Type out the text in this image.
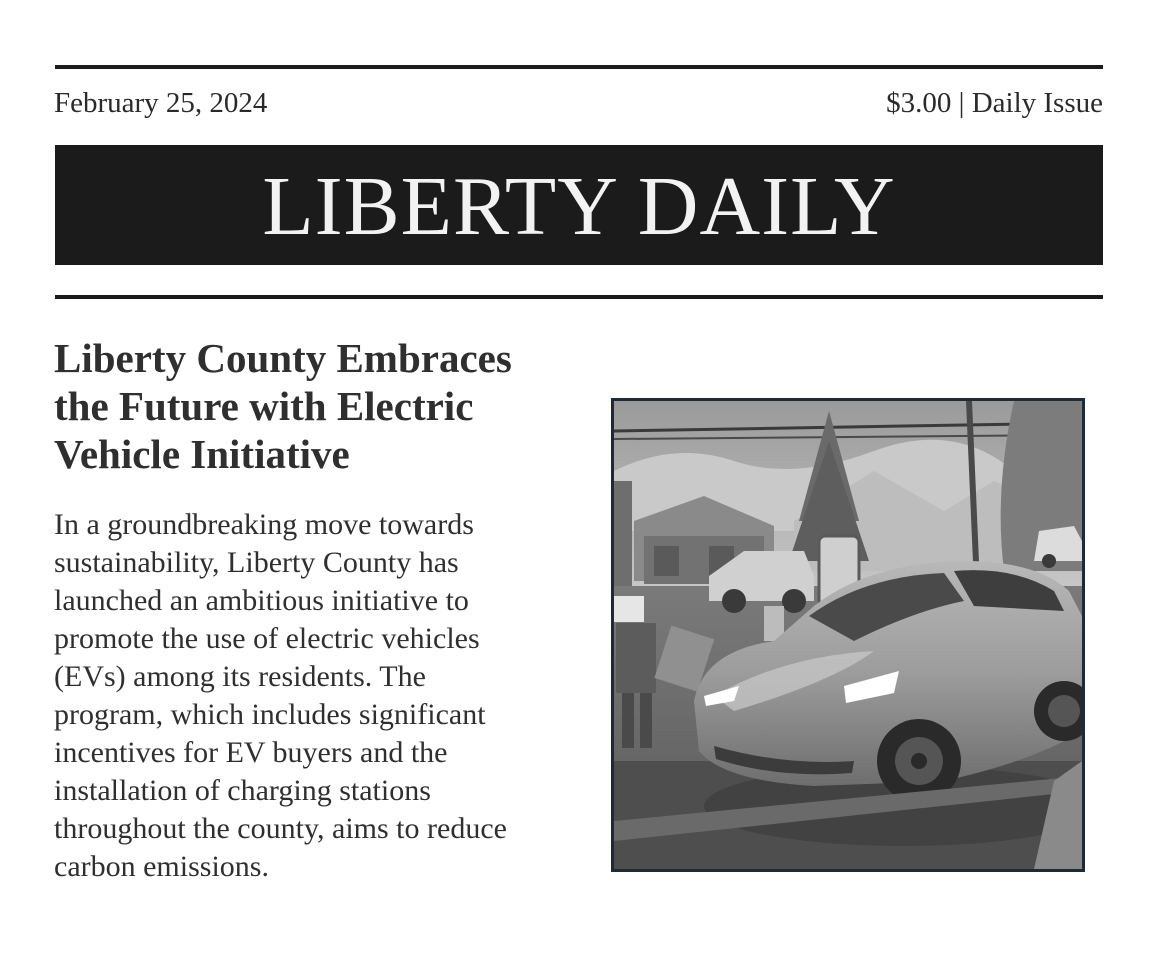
February 25, 2024	$3.00 | Daily Issue
LIBERTY DAILY
Liberty County Embraces the Future with Electric Vehicle Initiative

In a groundbreaking move towards sustainability, Liberty County has launched an ambitious initiative to promote the use of electric vehicles (EVs) among its residents. The program, which includes significant incentives for EV buyers and the installation of charging stations throughout the county, aims to reduce carbon emissions.
